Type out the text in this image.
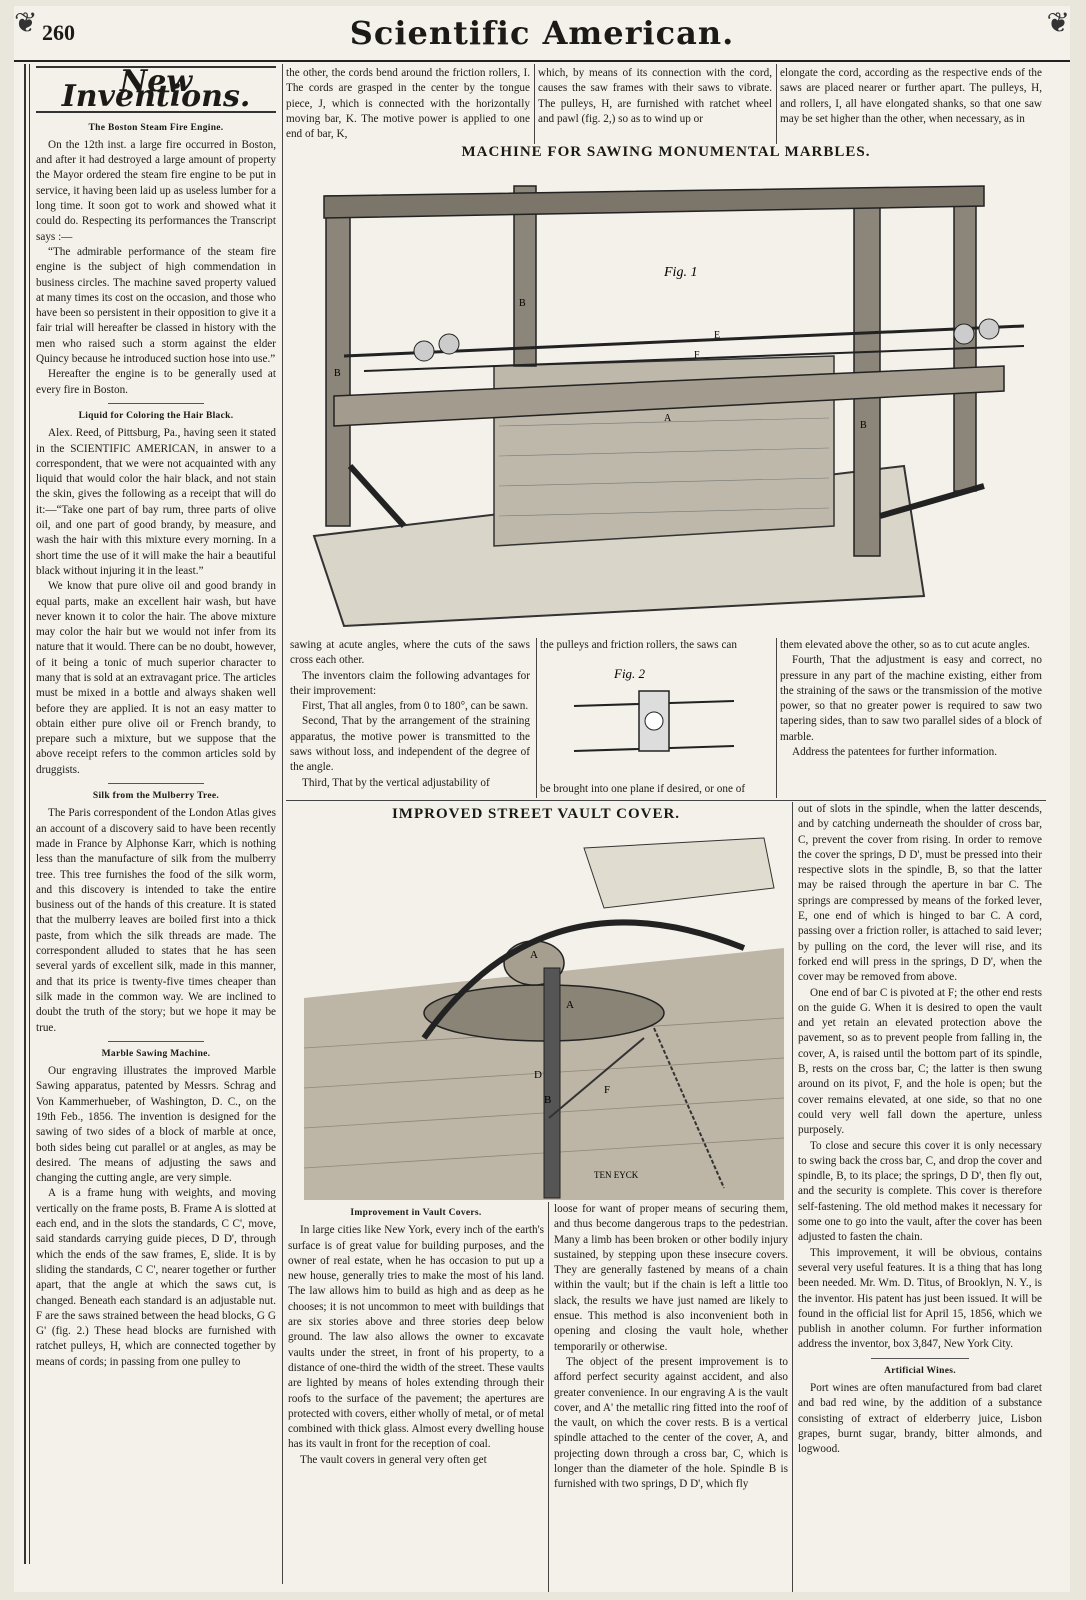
❦ 260	Scientific American.	❦
New Inventions.
The Boston Steam Fire Engine.

On the 12th inst. a large fire occurred in Boston, and after it had destroyed a large amount of property the Mayor ordered the steam fire engine to be put in service, it having been laid up as useless lumber for a long time. It soon got to work and showed what it could do. Respecting its performances the Transcript says :—

“The admirable performance of the steam fire engine is the subject of high commendation in business circles. The machine saved property valued at many times its cost on the occasion, and those who have been so persistent in their opposition to give it a fair trial will hereafter be classed in history with the men who raised such a storm against the elder Quincy because he introduced suction hose into use.”

Hereafter the engine is to be generally used at every fire in Boston.

Liquid for Coloring the Hair Black.

Alex. Reed, of Pittsburg, Pa., having seen it stated in the SCIENTIFIC AMERICAN, in answer to a correspondent, that we were not acquainted with any liquid that would color the hair black, and not stain the skin, gives the following as a receipt that will do it:—“Take one part of bay rum, three parts of olive oil, and one part of good brandy, by measure, and wash the hair with this mixture every morning. In a short time the use of it will make the hair a beautiful black without injuring it in the least.”

We know that pure olive oil and good brandy in equal parts, make an excellent hair wash, but have never known it to color the hair. The above mixture may color the hair but we would not infer from its nature that it would. There can be no doubt, however, of it being a tonic of much superior character to many that is sold at an extravagant price. The articles must be mixed in a bottle and always shaken well before they are applied. It is not an easy matter to obtain either pure olive oil or French brandy, to prepare such a mixture, but we suppose that the above receipt refers to the common articles sold by druggists.

Silk from the Mulberry Tree.

The Paris correspondent of the London Atlas gives an account of a discovery said to have been recently made in France by Alphonse Karr, which is nothing less than the manufacture of silk from the mulberry tree. This tree furnishes the food of the silk worm, and this discovery is intended to take the entire business out of the hands of this creature. It is stated that the mulberry leaves are boiled first into a thick paste, from which the silk threads are made. The correspondent alluded to states that he has seen several yards of excellent silk, made in this manner, and that its price is twenty-five times cheaper than silk made in the common way. We are inclined to doubt the truth of the story; but we hope it may be true.

Marble Sawing Machine.

Our engraving illustrates the improved Marble Sawing apparatus, patented by Messrs. Schrag and Von Kammerhueber, of Washington, D. C., on the 19th Feb., 1856. The invention is designed for the sawing of two sides of a block of marble at once, both sides being cut parallel or at angles, as may be desired. The means of adjusting the saws and changing the cutting angle, are very simple.

A is a frame hung with weights, and moving vertically on the frame posts, B. Frame A is slotted at each end, and in the slots the standards, C C', move, said standards carrying guide pieces, D D', through which the ends of the saw frames, E, slide. It is by sliding the standards, C C', nearer together or further apart, that the angle at which the saws cut, is changed. Beneath each standard is an adjustable nut. F are the saws strained between the head blocks, G G G' (fig. 2.) These head blocks are furnished with ratchet pulleys, H, which are connected together by means of cords; in passing from one pulley to

the other, the cords bend around the friction rollers, I. The cords are grasped in the center by the tongue piece, J, which is connected with the horizontally moving bar, K. The motive power is applied to one end of bar, K,

which, by means of its connection with the cord, causes the saw frames with their saws to vibrate. The pulleys, H, are furnished with ratchet wheel and pawl (fig. 2,) so as to wind up or

elongate the cord, according as the respective ends of the saws are placed nearer or further apart. The pulleys, H, and rollers, I, all have elongated shanks, so that one saw may be set higher than the other, when necessary, as in

MACHINE FOR SAWING MONUMENTAL MARBLES.
Fig. 1
B
B
B
E
F
A

sawing at acute angles, where the cuts of the saws cross each other.

The inventors claim the following advantages for their improvement:

First, That all angles, from 0 to 180°, can be sawn.

Second, That by the arrangement of the straining apparatus, the motive power is transmitted to the saws without loss, and independent of the degree of the angle.

Third, That by the vertical adjustability of

the pulleys and friction rollers, the saws can

Fig. 2

be brought into one plane if desired, or one of

them elevated above the other, so as to cut acute angles.

Fourth, That the adjustment is easy and correct, no pressure in any part of the machine existing, either from the straining of the saws or the transmission of the motive power, so that no greater power is required to saw two tapering sides, than to saw two parallel sides of a block of marble.

Address the patentees for further information.

IMPROVED STREET VAULT COVER.
A
A
D
B
F
TEN EYCK
Improvement in Vault Covers.

In large cities like New York, every inch of the earth's surface is of great value for building purposes, and the owner of real estate, when he has occasion to put up a new house, generally tries to make the most of his land. The law allows him to build as high and as deep as he chooses; it is not uncommon to meet with buildings that are six stories above and three stories deep below ground. The law also allows the owner to excavate vaults under the street, in front of his property, to a distance of one-third the width of the street. These vaults are lighted by means of holes extending through their roofs to the surface of the pavement; the apertures are protected with covers, either wholly of metal, or of metal combined with thick glass. Almost every dwelling house has its vault in front for the reception of coal.

The vault covers in general very often get

loose for want of proper means of securing them, and thus become dangerous traps to the pedestrian. Many a limb has been broken or other bodily injury sustained, by stepping upon these insecure covers. They are generally fastened by means of a chain within the vault; but if the chain is left a little too slack, the results we have just named are likely to ensue. This method is also inconvenient both in opening and closing the vault hole, whether temporarily or otherwise.

The object of the present improvement is to afford perfect security against accident, and also greater convenience. In our engraving A is the vault cover, and A' the metallic ring fitted into the roof of the vault, on which the cover rests. B is a vertical spindle attached to the center of the cover, A, and projecting down through a cross bar, C, which is longer than the diameter of the hole. Spindle B is furnished with two springs, D D', which fly

out of slots in the spindle, when the latter descends, and by catching underneath the shoulder of cross bar, C, prevent the cover from rising. In order to remove the cover the springs, D D', must be pressed into their respective slots in the spindle, B, so that the latter may be raised through the aperture in bar C. The springs are compressed by means of the forked lever, E, one end of which is hinged to bar C. A cord, passing over a friction roller, is attached to said lever; by pulling on the cord, the lever will rise, and its forked end will press in the springs, D D', when the cover may be removed from above.

One end of bar C is pivoted at F; the other end rests on the guide G. When it is desired to open the vault and yet retain an elevated protection above the pavement, so as to prevent people from falling in, the cover, A, is raised until the bottom part of its spindle, B, rests on the cross bar, C; the latter is then swung around on its pivot, F, and the hole is open; but the cover remains elevated, at one side, so that no one could very well fall down the aperture, unless purposely.

To close and secure this cover it is only necessary to swing back the cross bar, C, and drop the cover and spindle, B, to its place; the springs, D D', then fly out, and the security is complete. This cover is therefore self-fastening. The old method makes it necessary for some one to go into the vault, after the cover has been adjusted to fasten the chain.

This improvement, it will be obvious, contains several very useful features. It is a thing that has long been needed. Mr. Wm. D. Titus, of Brooklyn, N. Y., is the inventor. His patent has just been issued. It will be found in the official list for April 15, 1856, which we publish in another column. For further information address the inventor, box 3,847, New York City.

Artificial Wines.

Port wines are often manufactured from bad claret and bad red wine, by the addition of a substance consisting of extract of elderberry juice, Lisbon grapes, burnt sugar, brandy, bitter almonds, and logwood.
